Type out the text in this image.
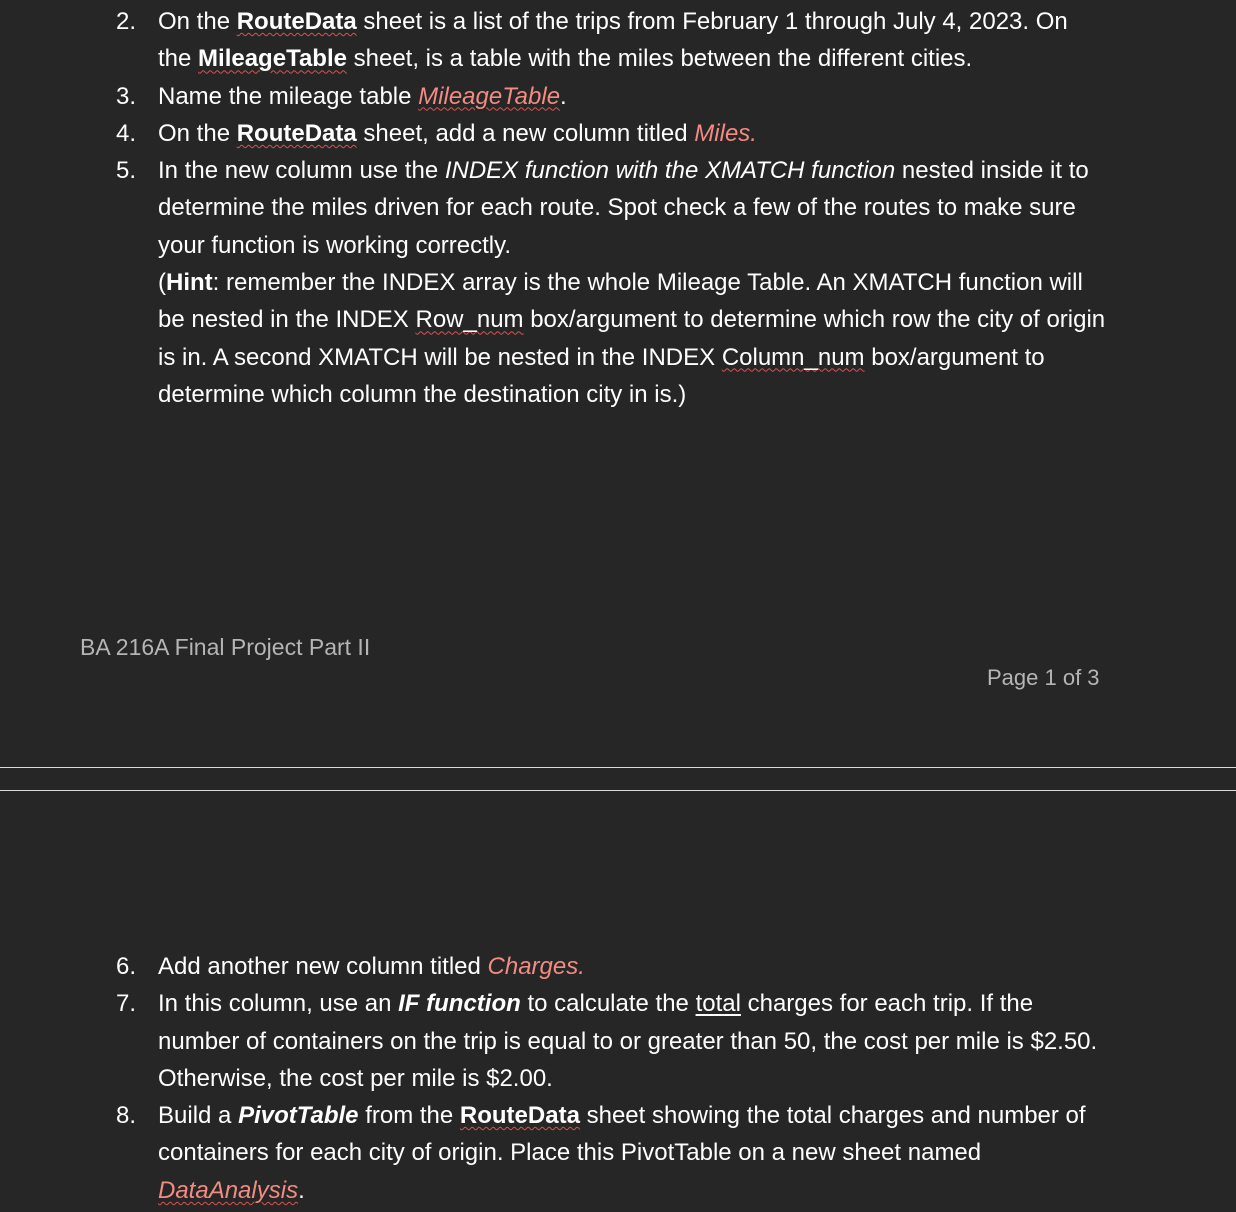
2. On the RouteData sheet is a list of the trips from February 1 through July 4, 2023. On the MileageTable sheet, is a table with the miles between the different cities.
3. Name the mileage table MileageTable.
4. On the RouteData sheet, add a new column titled Miles.
5. In the new column use the INDEX function with the XMATCH function nested inside it to determine the miles driven for each route. Spot check a few of the routes to make sure your function is working correctly.
(Hint: remember the INDEX array is the whole Mileage Table. An XMATCH function will be nested in the INDEX Row_num box/argument to determine which row the city of origin is in. A second XMATCH will be nested in the INDEX Column_num box/argument to determine which column the destination city in is.)
BA 216A Final Project Part II
Page 1 of 3
6. Add another new column titled Charges.
7. In this column, use an IF function to calculate the total charges for each trip. If the number of containers on the trip is equal to or greater than 50, the cost per mile is $2.50. Otherwise, the cost per mile is $2.00.
8. Build a PivotTable from the RouteData sheet showing the total charges and number of containers for each city of origin. Place this PivotTable on a new sheet named DataAnalysis.
